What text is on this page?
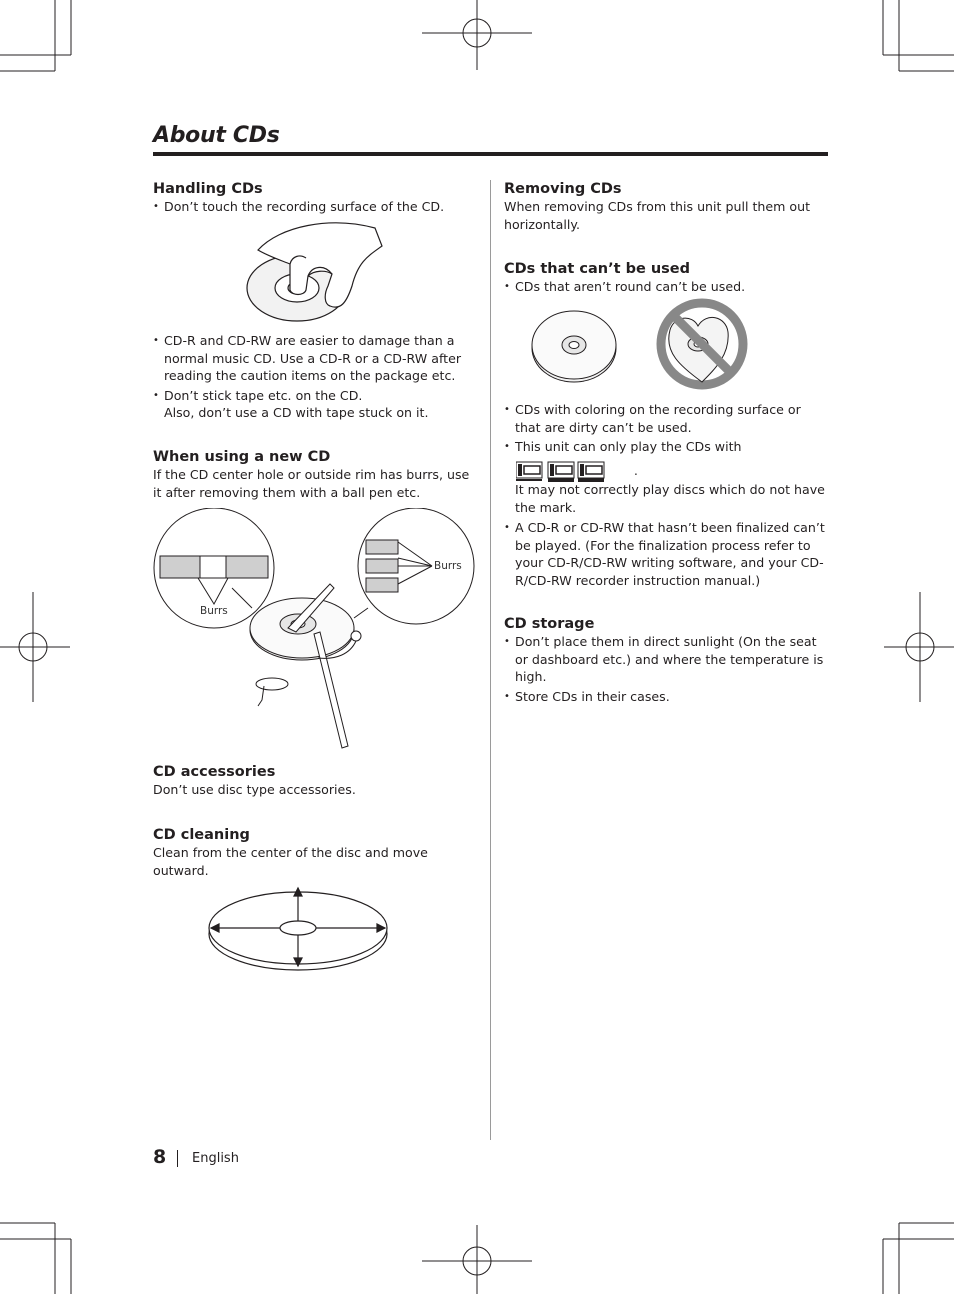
About CDs
Handling CDs
• Don’t touch the recording surface of the CD.
• CD-R and CD-RW are easier to damage than a normal music CD. Use a CD-R or a CD-RW after reading the caution items on the package etc.
• Don’t stick tape etc. on the CD.
Also, don’t use a CD with tape stuck on it.
When using a new CD

If the CD center hole or outside rim has burrs, use it after removing them with a ball pen etc.

Burrs
Burrs
CD accessories

Don’t use disc type accessories.

CD cleaning

Clean from the center of the disc and move outward.

Removing CDs

When removing CDs from this unit pull them out horizontally.

CDs that can’t be used
• CDs that aren’t round can’t be used.
• CDs with coloring on the recording surface or that are dirty can’t be used.
• This unit can only play the CDs with
.

It may not correctly play discs which do not have the mark.

• A CD-R or CD-RW that hasn’t been finalized can’t be played. (For the finalization process refer to your CD-R/CD-RW writing software, and your CD-R/CD-RW recorder instruction manual.)
CD storage
• Don’t place them in direct sunlight (On the seat or dashboard etc.) and where the temperature is high.
• Store CDs in their cases.
8 English
